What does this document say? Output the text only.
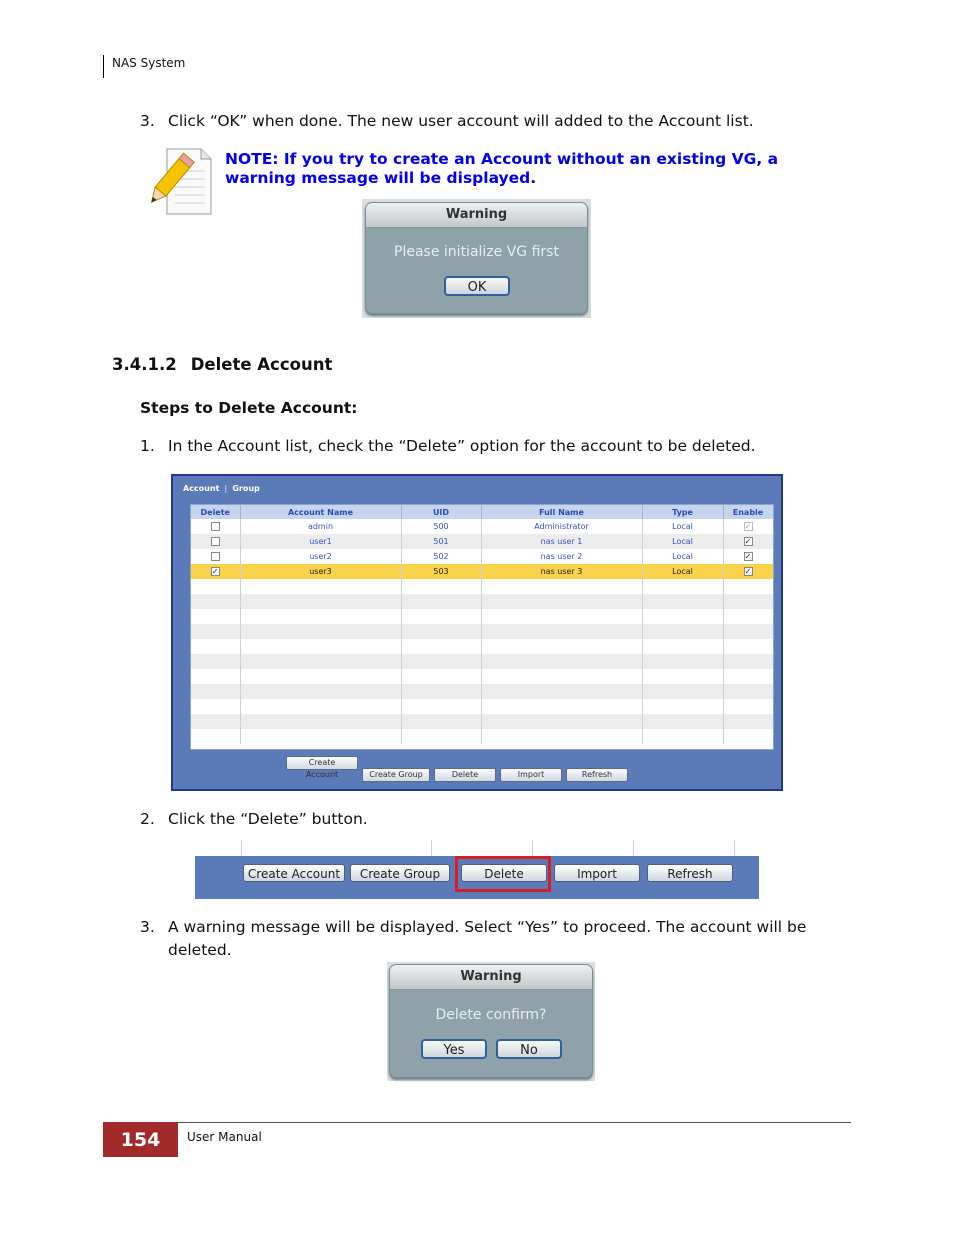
NAS System
3. Click “OK” when done. The new user account will added to the Account list.
NOTE: If you try to create an Account without an existing VG, a warning message will be displayed.
Warning
Please initialize VG first
OK
3.4.1.2 Delete Account
Steps to Delete Account:
1. In the Account list, check the “Delete” option for the account to be deleted.
Account | Group
Delete	Account Name	UID	Full Name	Type	Enable
	admin	500	Administrator	Local	✓
	user1	501	nas user 1	Local	✓
	user2	502	nas user 2	Local	✓
✓	user3	503	nas user 3	Local	✓

Create Account	Create Group	Delete	Import	Refresh
2. Click the “Delete” button.
Create Account	Create Group	Delete	Import	Refresh
3. A warning message will be displayed. Select “Yes” to proceed. The account will be deleted.
Warning
Delete confirm?
Yes	No
154	User Manual
